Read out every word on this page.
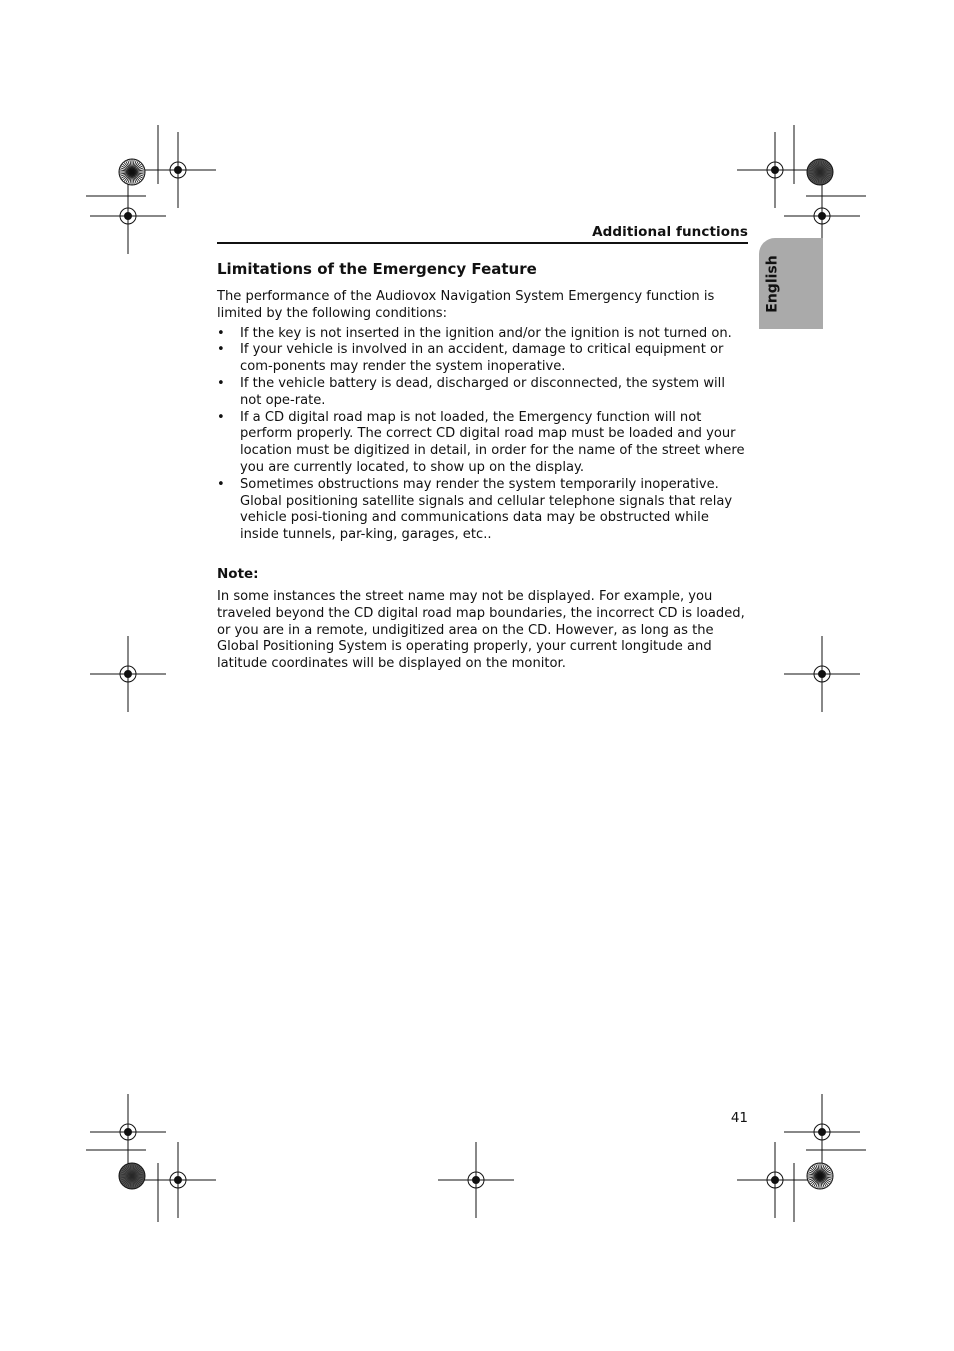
Additional functions
English
Limitations of the Emergency Feature

The performance of the Audiovox Navigation System Emergency function is limited by the following conditions:

• If the key is not inserted in the ignition and/or the ignition is not turned on.
• If your vehicle is involved in an accident, damage to critical equipment or com-ponents may render the system inoperative.
• If the vehicle battery is dead, discharged or disconnected, the system will not ope-rate.
• If a CD digital road map is not loaded, the Emergency function will not perform properly. The correct CD digital road map must be loaded and your location must be digitized in detail, in order for the name of the street where you are currently located, to show up on the display.
• Sometimes obstructions may render the system temporarily inoperative. Global positioning satellite signals and cellular telephone signals that relay vehicle posi-tioning and communications data may be obstructed while inside tunnels, par-king, garages, etc..
Note:

In some instances the street name may not be displayed. For example, you traveled beyond the CD digital road map boundaries, the incorrect CD is loaded, or you are in a remote, undigitized area on the CD. However, as long as the Global Positioning System is operating properly, your current longitude and latitude coordinates will be displayed on the monitor.

41
